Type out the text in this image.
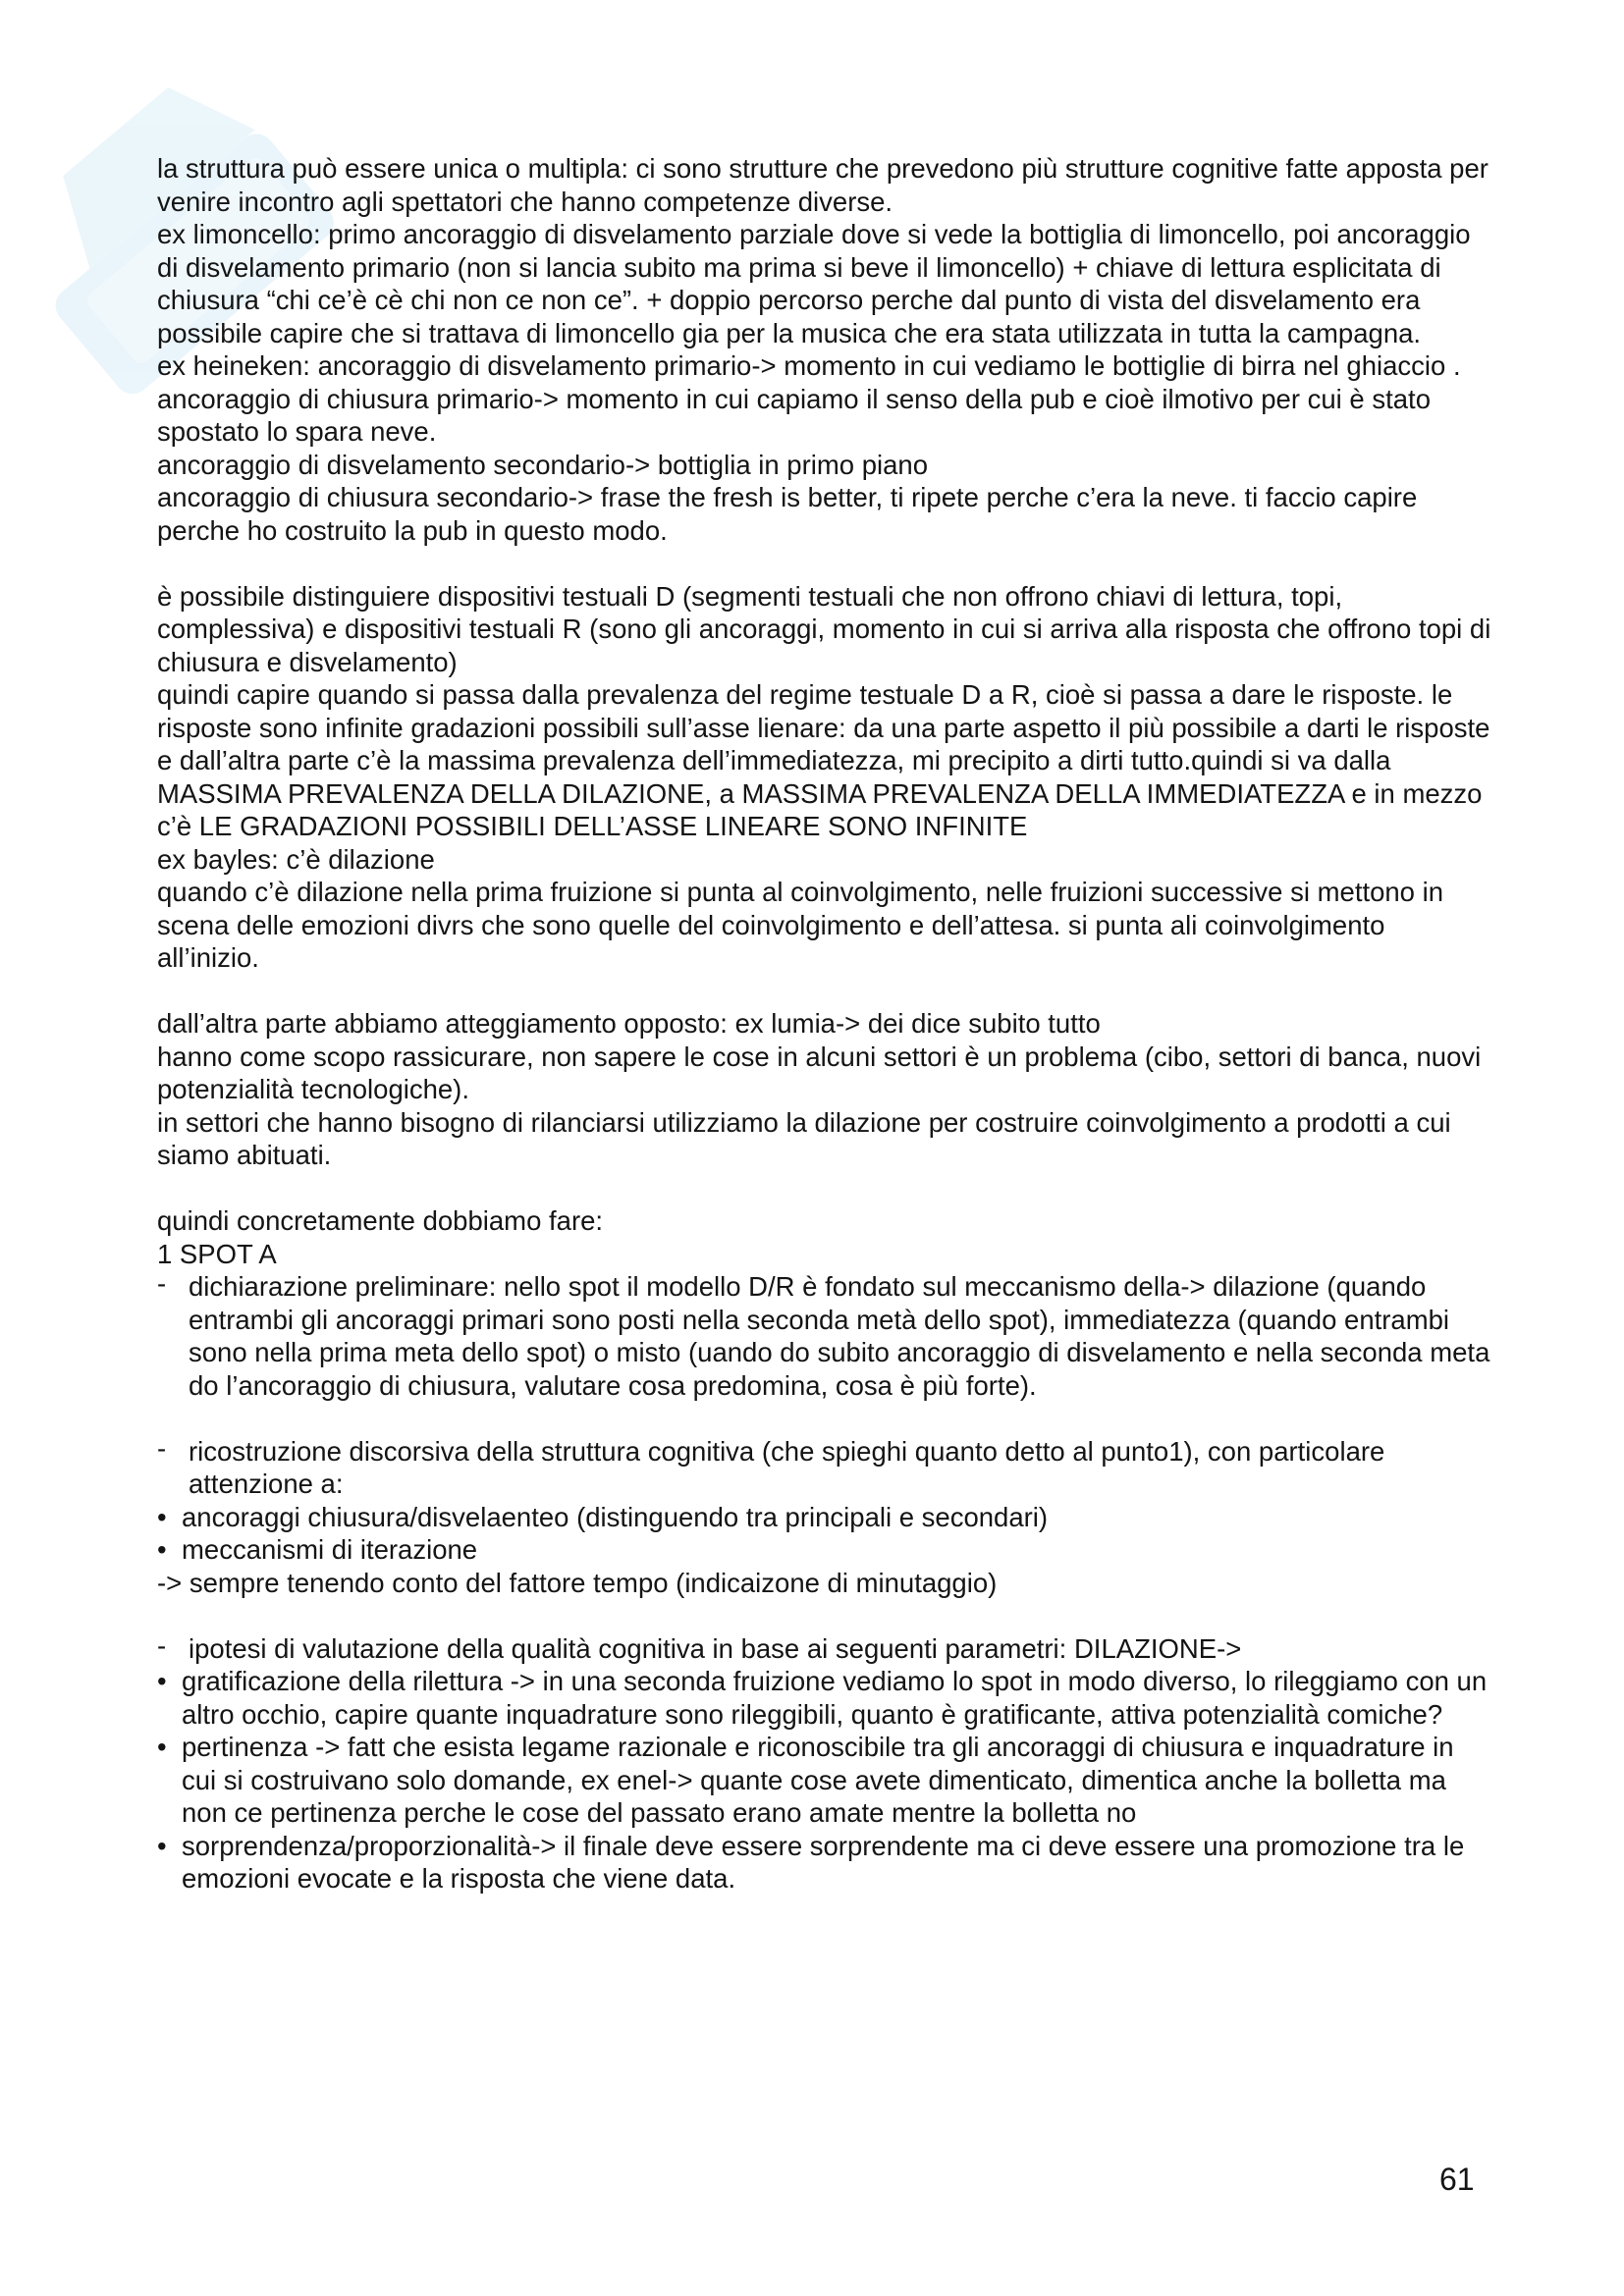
la struttura può essere unica o multipla: ci sono strutture che prevedono più strutture cognitive fatte apposta per venire incontro agli spettatori che hanno competenze diverse.

ex limoncello: primo ancoraggio di disvelamento parziale dove si vede la bottiglia di limoncello, poi ancoraggio di disvelamento primario (non si lancia subito ma prima si beve il limoncello) + chiave di lettura esplicitata di chiusura “chi ce’è cè chi non ce non ce”. + doppio percorso perche dal punto di vista del disvelamento era possibile capire che si trattava di limoncello gia per la musica che era stata utilizzata in tutta la campagna.

ex heineken: ancoraggio di disvelamento primario-> momento in cui vediamo le bottiglie di birra nel ghiaccio .

ancoraggio di chiusura primario-> momento in cui capiamo il senso della pub e cioè ilmotivo per cui è stato spostato lo spara neve.

ancoraggio di disvelamento secondario-> bottiglia in primo piano

ancoraggio di chiusura secondario-> frase the fresh is better, ti ripete perche c’era la neve. ti faccio capire perche ho costruito la pub in questo modo.

è possibile distinguiere dispositivi testuali D (segmenti testuali che non offrono chiavi di lettura, topi, complessiva) e dispositivi testuali R (sono gli ancoraggi, momento in cui si arriva alla risposta che offrono topi di chiusura e disvelamento)

quindi capire quando si passa dalla prevalenza del regime testuale D a R, cioè si passa a dare le risposte. le risposte sono infinite gradazioni possibili sull’asse lienare: da una parte aspetto il più possibile a darti le risposte e dall’altra parte c’è la massima prevalenza dell’immediatezza, mi precipito a dirti tutto.quindi si va dalla MASSIMA PREVALENZA DELLA DILAZIONE, a MASSIMA PREVALENZA DELLA IMMEDIATEZZA e in mezzo c’è LE GRADAZIONI POSSIBILI DELL’ASSE LINEARE SONO INFINITE

ex bayles: c’è dilazione

quando c’è dilazione nella prima fruizione si punta al coinvolgimento, nelle fruizioni successive si mettono in scena delle emozioni divrs che sono quelle del coinvolgimento e dell’attesa. si punta ali coinvolgimento all’inizio.

dall’altra parte abbiamo atteggiamento opposto: ex lumia-> dei dice subito tutto

hanno come scopo rassicurare, non sapere le cose in alcuni settori è un problema (cibo, settori di banca, nuovi potenzialità tecnologiche).

in settori che hanno bisogno di rilanciarsi utilizziamo la dilazione per costruire coinvolgimento a prodotti a cui siamo abituati.

quindi concretamente dobbiamo fare:

1 SPOT A

- dichiarazione preliminare: nello spot il modello D/R è fondato sul meccanismo della-> dilazione (quando entrambi gli ancoraggi primari sono posti nella seconda metà dello spot), immediatezza (quando entrambi sono nella prima meta dello spot) o misto (uando do subito ancoraggio di disvelamento e nella seconda meta do l’ancoraggio di chiusura, valutare cosa predomina, cosa è più forte).
- ricostruzione discorsiva della struttura cognitiva (che spieghi quanto detto al punto1), con particolare attenzione a:
• ancoraggi chiusura/disvelaenteo (distinguendo tra principali e secondari)
• meccanismi di iterazione

-> sempre tenendo conto del fattore tempo (indicaizone di minutaggio)

- ipotesi di valutazione della qualità cognitiva in base ai seguenti parametri: DILAZIONE->
• gratificazione della rilettura -> in una seconda fruizione vediamo lo spot in modo diverso, lo rileggiamo con un altro occhio, capire quante inquadrature sono rileggibili, quanto è gratificante, attiva potenzialità comiche?
• pertinenza -> fatt che esista legame razionale e riconoscibile tra gli ancoraggi di chiusura e inquadrature in cui si costruivano solo domande, ex enel-> quante cose avete dimenticato, dimentica anche la bolletta ma non ce pertinenza perche le cose del passato erano amate mentre la bolletta no
• sorprendenza/proporzionalità-> il finale deve essere sorprendente ma ci deve essere una promozione tra le emozioni evocate e la risposta che viene data.
61
